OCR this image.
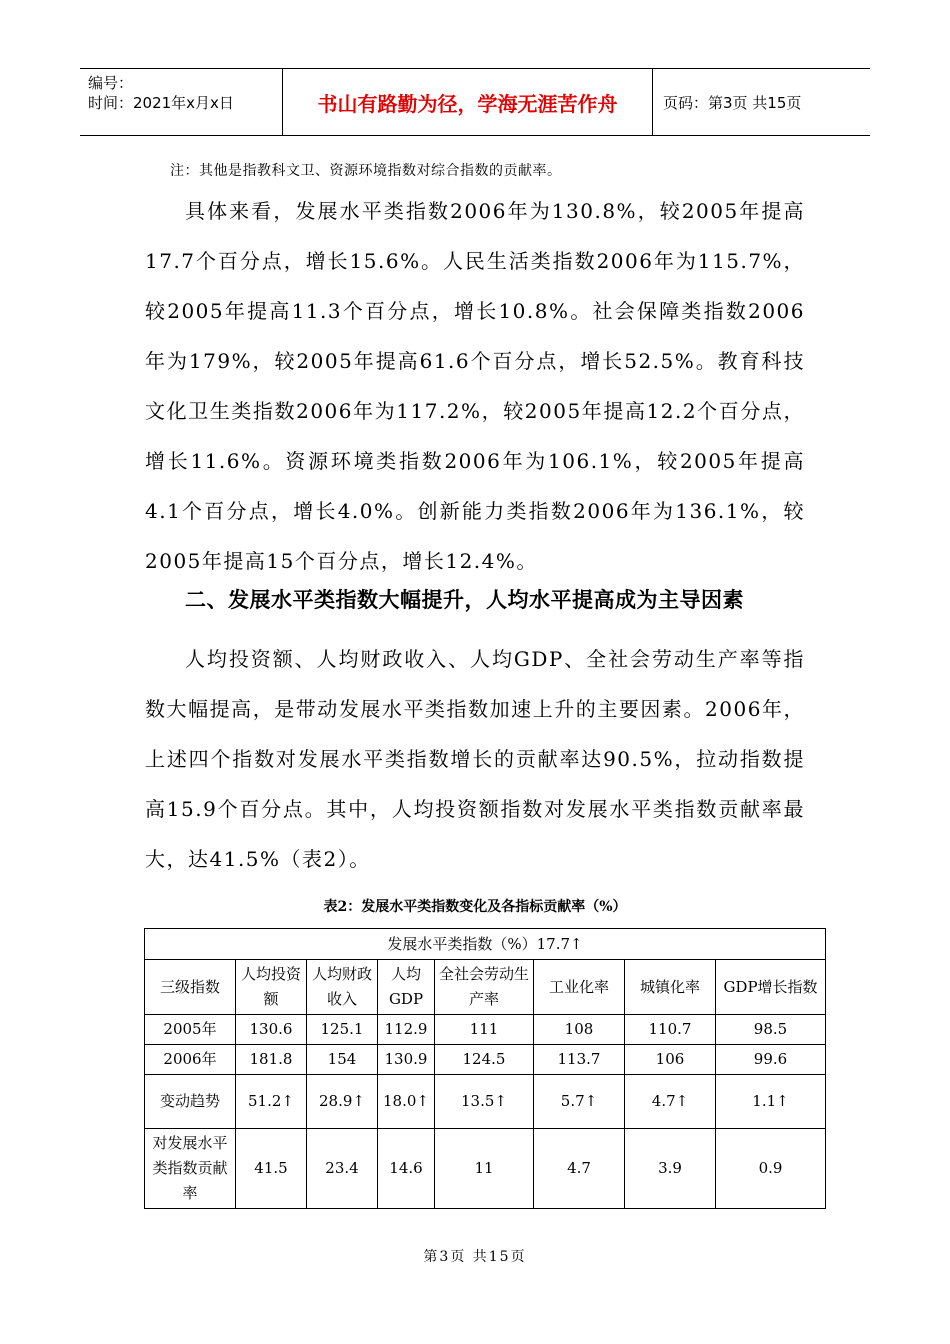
编号：
时间：2021年x月x日	书山有路勤为径，学海无涯苦作舟	页码：第3页 共15页
注：其他是指教科文卫、资源环境指数对综合指数的贡献率。
具体来看，发展水平类指数2006年为130.8%，较2005年提高17.7个百分点，增长15.6%。人民生活类指数2006年为115.7%，较2005年提高11.3个百分点，增长10.8%。社会保障类指数2006年为179%，较2005年提高61.6个百分点，增长52.5%。教育科技文化卫生类指数2006年为117.2%，较2005年提高12.2个百分点，增长11.6%。资源环境类指数2006年为106.1%，较2005年提高4.1个百分点，增长4.0%。创新能力类指数2006年为136.1%，较2005年提高15个百分点，增长12.4%。
二、发展水平类指数大幅提升，人均水平提高成为主导因素
人均投资额、人均财政收入、人均GDP、全社会劳动生产率等指数大幅提高，是带动发展水平类指数加速上升的主要因素。2006年，上述四个指数对发展水平类指数增长的贡献率达90.5%，拉动指数提高15.9个百分点。其中，人均投资额指数对发展水平类指数贡献率最大，达41.5%（表2）。
表2：发展水平类指数变化及各指标贡献率（%）
发展水平类指数（%）17.7↑							
三级指数	人均投资额	人均财政收入	人均GDP	全社会劳动生产率	工业化率	城镇化率	GDP增长指数
2005年	130.6	125.1	112.9	111	108	110.7	98.5
2006年	181.8	154	130.9	124.5	113.7	106	99.6
变动趋势	51.2↑	28.9↑	18.0↑	13.5↑	5.7↑	4.7↑	1.1↑
对发展水平类指数贡献率	41.5	23.4	14.6	11	4.7	3.9	0.9
第3页 共15页
